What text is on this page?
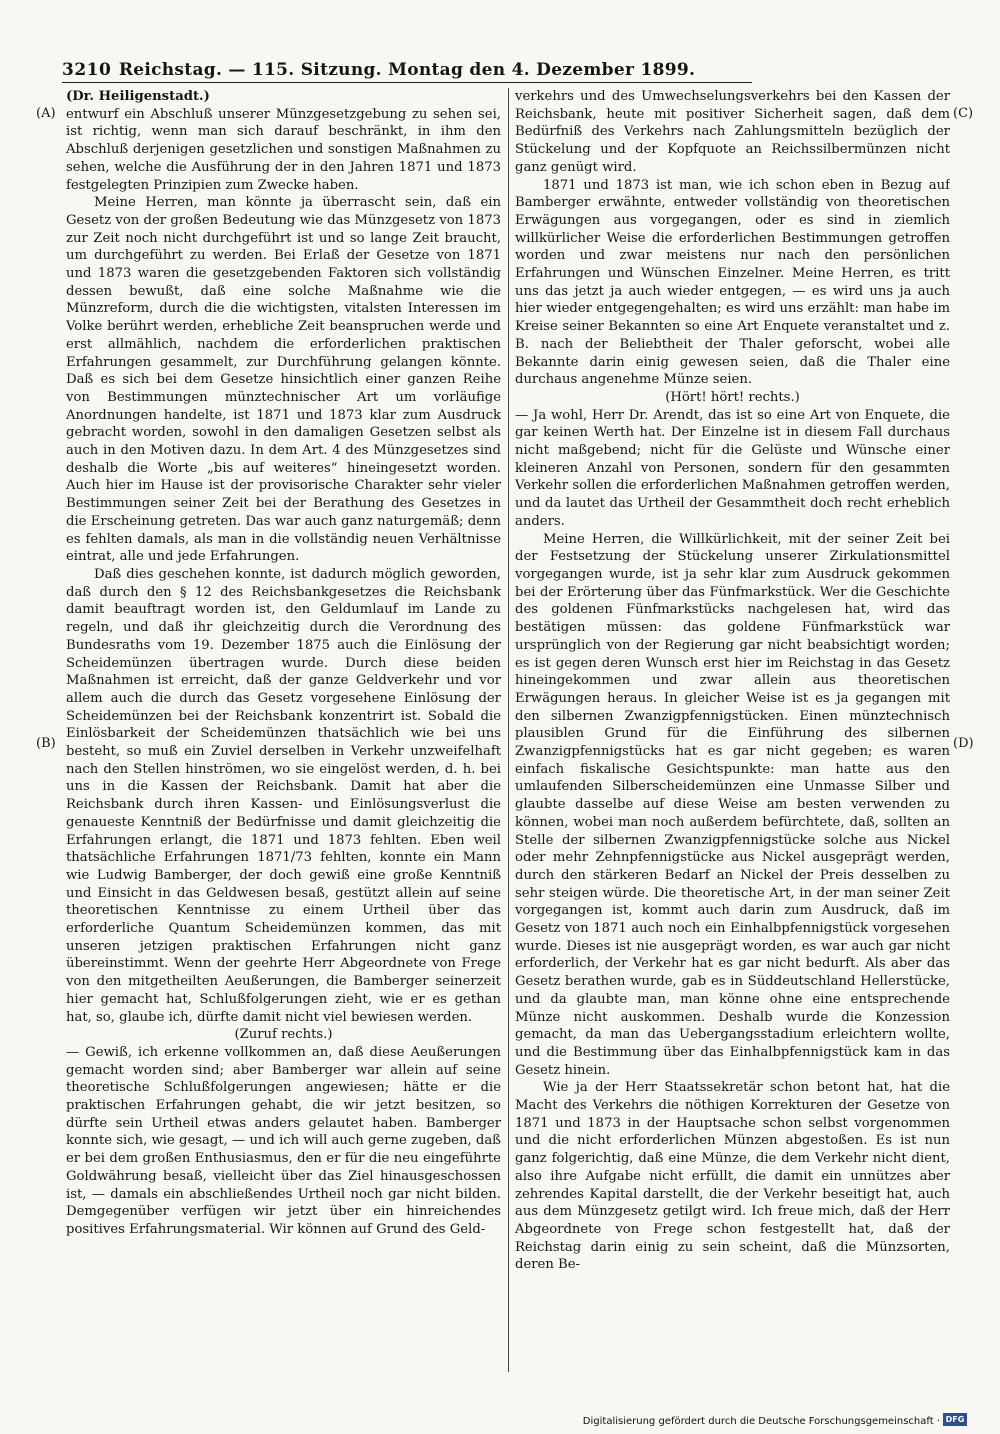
3210 Reichstag. — 115. Sitzung. Montag den 4. Dezember 1899.
(A)
(B)
(C)
(D)
(Dr. Heiligenstadt.)

entwurf ein Abschluß unserer Münzgesetzgebung zu sehen sei, ist richtig, wenn man sich darauf beschränkt, in ihm den Abschluß derjenigen gesetzlichen und sonstigen Maßnahmen zu sehen, welche die Ausführung der in den Jahren 1871 und 1873 festgelegten Prinzipien zum Zwecke haben.

Meine Herren, man könnte ja überrascht sein, daß ein Gesetz von der großen Bedeutung wie das Münzgesetz von 1873 zur Zeit noch nicht durchgeführt ist und so lange Zeit braucht, um durchgeführt zu werden. Bei Erlaß der Gesetze von 1871 und 1873 waren die gesetzgebenden Faktoren sich vollständig dessen bewußt, daß eine solche Maßnahme wie die Münzreform, durch die die wichtigsten, vitalsten Interessen im Volke berührt werden, erhebliche Zeit beanspruchen werde und erst allmählich, nachdem die erforderlichen praktischen Erfahrungen gesammelt, zur Durchführung gelangen könnte. Daß es sich bei dem Gesetze hinsichtlich einer ganzen Reihe von Bestimmungen münztechnischer Art um vorläufige Anordnungen handelte, ist 1871 und 1873 klar zum Ausdruck gebracht worden, sowohl in den damaligen Gesetzen selbst als auch in den Motiven dazu. In dem Art. 4 des Münzgesetzes sind deshalb die Worte „bis auf weiteres“ hineingesetzt worden. Auch hier im Hause ist der provisorische Charakter sehr vieler Bestimmungen seiner Zeit bei der Berathung des Gesetzes in die Erscheinung getreten. Das war auch ganz naturgemäß; denn es fehlten damals, als man in die vollständig neuen Verhältnisse eintrat, alle und jede Erfahrungen.

Daß dies geschehen konnte, ist dadurch möglich geworden, daß durch den § 12 des Reichsbankgesetzes die Reichsbank damit beauftragt worden ist, den Geldumlauf im Lande zu regeln, und daß ihr gleichzeitig durch die Verordnung des Bundesraths vom 19. Dezember 1875 auch die Einlösung der Scheidemünzen übertragen wurde. Durch diese beiden Maßnahmen ist erreicht, daß der ganze Geldverkehr und vor allem auch die durch das Gesetz vorgesehene Einlösung der Scheidemünzen bei der Reichsbank konzentrirt ist. Sobald die Einlösbarkeit der Scheidemünzen thatsächlich wie bei uns besteht, so muß ein Zuviel derselben in Verkehr unzweifelhaft nach den Stellen hinströmen, wo sie eingelöst werden, d. h. bei uns in die Kassen der Reichsbank. Damit hat aber die Reichsbank durch ihren Kassen- und Einlösungsverlust die genaueste Kenntniß der Bedürfnisse und damit gleichzeitig die Erfahrungen erlangt, die 1871 und 1873 fehlten. Eben weil thatsächliche Erfahrungen 1871/73 fehlten, konnte ein Mann wie Ludwig Bamberger, der doch gewiß eine große Kenntniß und Einsicht in das Geldwesen besaß, gestützt allein auf seine theoretischen Kenntnisse zu einem Urtheil über das erforderliche Quantum Scheidemünzen kommen, das mit unseren jetzigen praktischen Erfahrungen nicht ganz übereinstimmt. Wenn der geehrte Herr Abgeordnete von Frege von den mitgetheilten Aeußerungen, die Bamberger seinerzeit hier gemacht hat, Schlußfolgerungen zieht, wie er es gethan hat, so, glaube ich, dürfte damit nicht viel bewiesen werden.

(Zuruf rechts.)

— Gewiß, ich erkenne vollkommen an, daß diese Aeußerungen gemacht worden sind; aber Bamberger war allein auf seine theoretische Schlußfolgerungen angewiesen; hätte er die praktischen Erfahrungen gehabt, die wir jetzt besitzen, so dürfte sein Urtheil etwas anders gelautet haben. Bamberger konnte sich, wie gesagt, — und ich will auch gerne zugeben, daß er bei dem großen Enthusiasmus, den er für die neu eingeführte Goldwährung besaß, vielleicht über das Ziel hinausgeschossen ist, — damals ein abschließendes Urtheil noch gar nicht bilden. Demgegenüber verfügen wir jetzt über ein hinreichendes positives Erfahrungsmaterial. Wir können auf Grund des Geld-

verkehrs und des Umwechselungsverkehrs bei den Kassen der Reichsbank, heute mit positiver Sicherheit sagen, daß dem Bedürfniß des Verkehrs nach Zahlungsmitteln bezüglich der Stückelung und der Kopfquote an Reichssilbermünzen nicht ganz genügt wird.

1871 und 1873 ist man, wie ich schon eben in Bezug auf Bamberger erwähnte, entweder vollständig von theoretischen Erwägungen aus vorgegangen, oder es sind in ziemlich willkürlicher Weise die erforderlichen Bestimmungen getroffen worden und zwar meistens nur nach den persönlichen Erfahrungen und Wünschen Einzelner. Meine Herren, es tritt uns das jetzt ja auch wieder entgegen, — es wird uns ja auch hier wieder entgegengehalten; es wird uns erzählt: man habe im Kreise seiner Bekannten so eine Art Enquete veranstaltet und z. B. nach der Beliebtheit der Thaler geforscht, wobei alle Bekannte darin einig gewesen seien, daß die Thaler eine durchaus angenehme Münze seien.

(Hört! hört! rechts.)

— Ja wohl, Herr Dr. Arendt, das ist so eine Art von Enquete, die gar keinen Werth hat. Der Einzelne ist in diesem Fall durchaus nicht maßgebend; nicht für die Gelüste und Wünsche einer kleineren Anzahl von Personen, sondern für den gesammten Verkehr sollen die erforderlichen Maßnahmen getroffen werden, und da lautet das Urtheil der Gesammtheit doch recht erheblich anders.

Meine Herren, die Willkürlichkeit, mit der seiner Zeit bei der Festsetzung der Stückelung unserer Zirkulationsmittel vorgegangen wurde, ist ja sehr klar zum Ausdruck gekommen bei der Erörterung über das Fünfmarkstück. Wer die Geschichte des goldenen Fünfmarkstücks nachgelesen hat, wird das bestätigen müssen: das goldene Fünfmarkstück war ursprünglich von der Regierung gar nicht beabsichtigt worden; es ist gegen deren Wunsch erst hier im Reichstag in das Gesetz hineingekommen und zwar allein aus theoretischen Erwägungen heraus. In gleicher Weise ist es ja gegangen mit den silbernen Zwanzigpfennigstücken. Einen münztechnisch plausiblen Grund für die Einführung des silbernen Zwanzigpfennigstücks hat es gar nicht gegeben; es waren einfach fiskalische Gesichtspunkte: man hatte aus den umlaufenden Silberscheidemünzen eine Unmasse Silber und glaubte dasselbe auf diese Weise am besten verwenden zu können, wobei man noch außerdem befürchtete, daß, sollten an Stelle der silbernen Zwanzigpfennigstücke solche aus Nickel oder mehr Zehnpfennigstücke aus Nickel ausgeprägt werden, durch den stärkeren Bedarf an Nickel der Preis desselben zu sehr steigen würde. Die theoretische Art, in der man seiner Zeit vorgegangen ist, kommt auch darin zum Ausdruck, daß im Gesetz von 1871 auch noch ein Einhalbpfennigstück vorgesehen wurde. Dieses ist nie ausgeprägt worden, es war auch gar nicht erforderlich, der Verkehr hat es gar nicht bedurft. Als aber das Gesetz berathen wurde, gab es in Süddeutschland Hellerstücke, und da glaubte man, man könne ohne eine entsprechende Münze nicht auskommen. Deshalb wurde die Konzession gemacht, da man das Uebergangsstadium erleichtern wollte, und die Bestimmung über das Einhalbpfennigstück kam in das Gesetz hinein.

Wie ja der Herr Staatssekretär schon betont hat, hat die Macht des Verkehrs die nöthigen Korrekturen der Gesetze von 1871 und 1873 in der Hauptsache schon selbst vorgenommen und die nicht erforderlichen Münzen abgestoßen. Es ist nun ganz folgerichtig, daß eine Münze, die dem Verkehr nicht dient, also ihre Aufgabe nicht erfüllt, die damit ein unnützes aber zehrendes Kapital darstellt, die der Verkehr beseitigt hat, auch aus dem Münzgesetz getilgt wird. Ich freue mich, daß der Herr Abgeordnete von Frege schon festgestellt hat, daß der Reichstag darin einig zu sein scheint, daß die Münzsorten, deren Be-

Digitalisierung gefördert durch die Deutsche Forschungsgemeinschaft · DFG
